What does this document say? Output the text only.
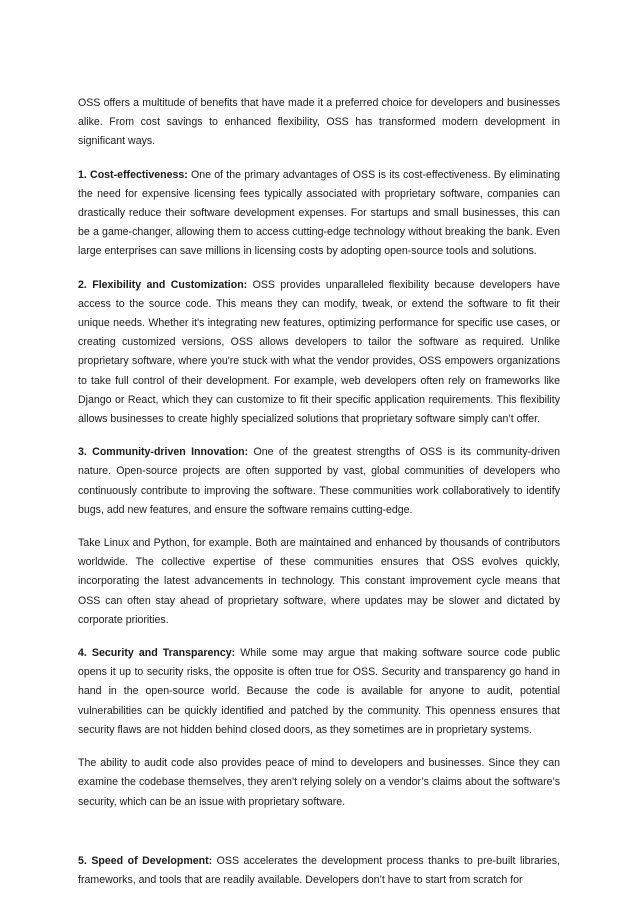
OSS offers a multitude of benefits that have made it a preferred choice for developers and businesses alike. From cost savings to enhanced flexibility, OSS has transformed modern development in significant ways.

1. Cost-effectiveness: One of the primary advantages of OSS is its cost-effectiveness. By eliminating the need for expensive licensing fees typically associated with proprietary software, companies can drastically reduce their software development expenses. For startups and small businesses, this can be a game-changer, allowing them to access cutting-edge technology without breaking the bank. Even large enterprises can save millions in licensing costs by adopting open-source tools and solutions.

2. Flexibility and Customization: OSS provides unparalleled flexibility because developers have access to the source code. This means they can modify, tweak, or extend the software to fit their unique needs. Whether it's integrating new features, optimizing performance for specific use cases, or creating customized versions, OSS allows developers to tailor the software as required. Unlike proprietary software, where you're stuck with what the vendor provides, OSS empowers organizations to take full control of their development. For example, web developers often rely on frameworks like Django or React, which they can customize to fit their specific application requirements. This flexibility allows businesses to create highly specialized solutions that proprietary software simply can’t offer.

3. Community-driven Innovation: One of the greatest strengths of OSS is its community-driven nature. Open-source projects are often supported by vast, global communities of developers who continuously contribute to improving the software. These communities work collaboratively to identify bugs, add new features, and ensure the software remains cutting-edge.

Take Linux and Python, for example. Both are maintained and enhanced by thousands of contributors worldwide. The collective expertise of these communities ensures that OSS evolves quickly, incorporating the latest advancements in technology. This constant improvement cycle means that OSS can often stay ahead of proprietary software, where updates may be slower and dictated by corporate priorities.

4. Security and Transparency: While some may argue that making software source code public opens it up to security risks, the opposite is often true for OSS. Security and transparency go hand in hand in the open-source world. Because the code is available for anyone to audit, potential vulnerabilities can be quickly identified and patched by the community. This openness ensures that security flaws are not hidden behind closed doors, as they sometimes are in proprietary systems.

The ability to audit code also provides peace of mind to developers and businesses. Since they can examine the codebase themselves, they aren’t relying solely on a vendor’s claims about the software’s security, which can be an issue with proprietary software.

5. Speed of Development: OSS accelerates the development process thanks to pre-built libraries, frameworks, and tools that are readily available. Developers don’t have to start from scratch for
